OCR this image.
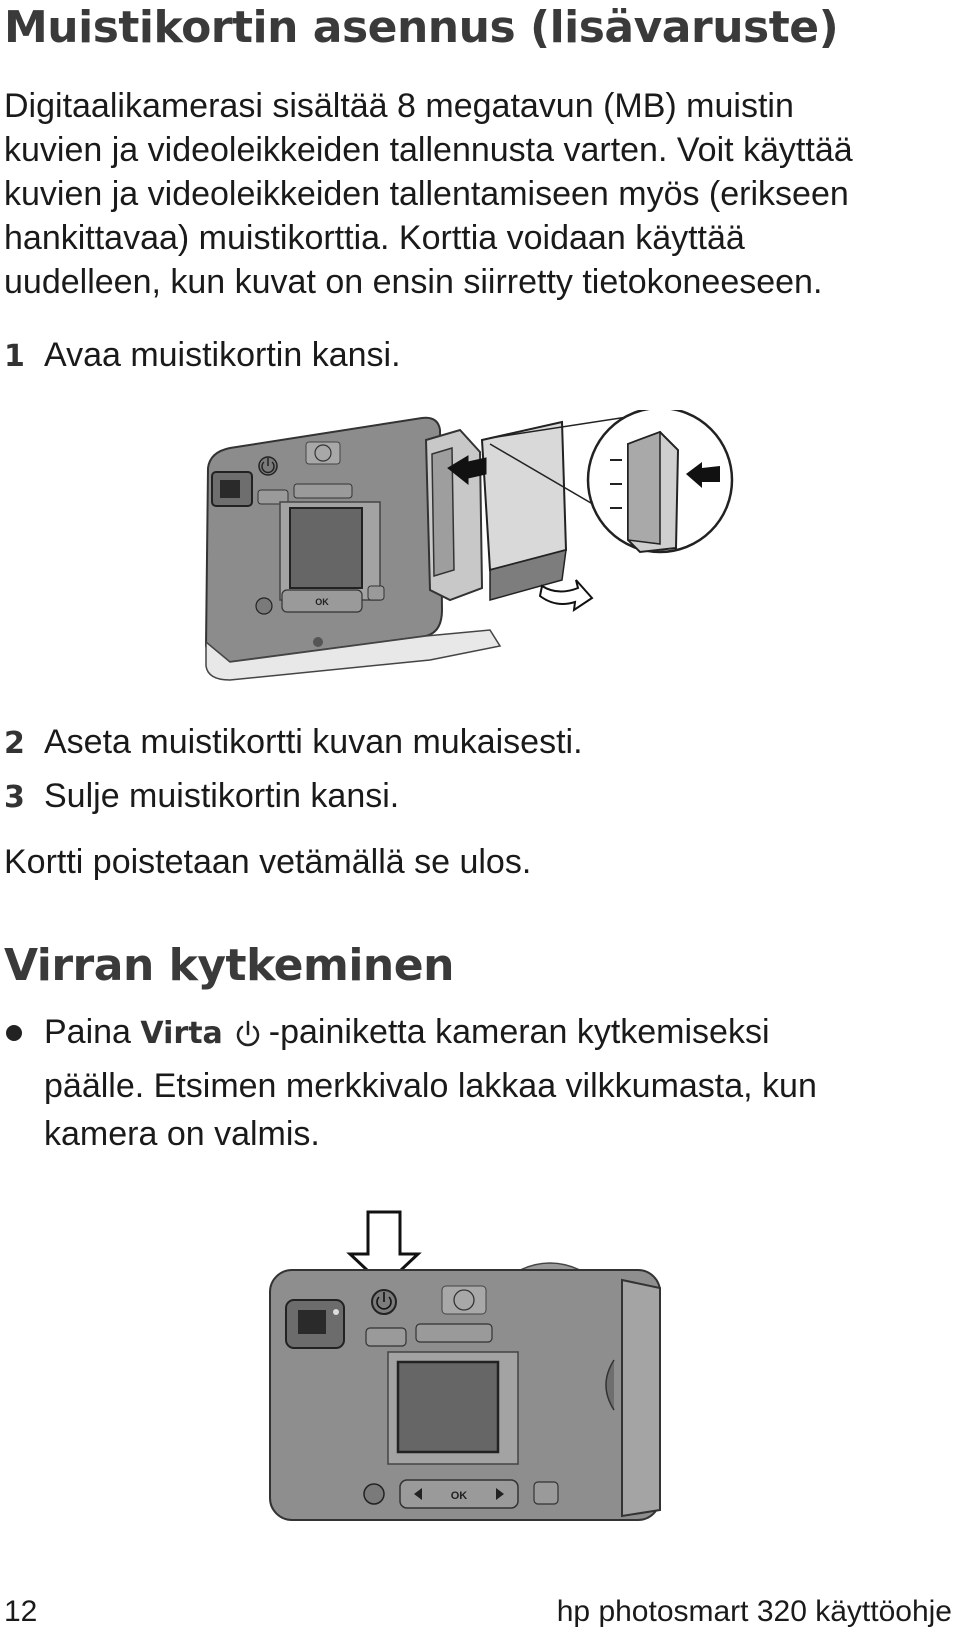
Muistikortin asennus (lisävaruste)
Digitaalikamerasi sisältää 8 megatavun (MB) muistin
kuvien ja videoleikkeiden tallennusta varten. Voit käyttää
kuvien ja videoleikkeiden tallentamiseen myös (erikseen
hankittavaa) muistikorttia. Korttia voidaan käyttää
uudelleen, kun kuvat on ensin siirretty tietokoneeseen.
1 Avaa muistikortin kansi.
OK
2 Aseta muistikortti kuvan mukaisesti.
3 Sulje muistikortin kansi.
Kortti poistetaan vetämällä se ulos.
Virran kytkeminen
Paina Virta -painiketta kameran kytkemiseksi
päälle. Etsimen merkkivalo lakkaa vilkkumasta, kun
kamera on valmis.
OK
12	hp photosmart 320 käyttöohje
